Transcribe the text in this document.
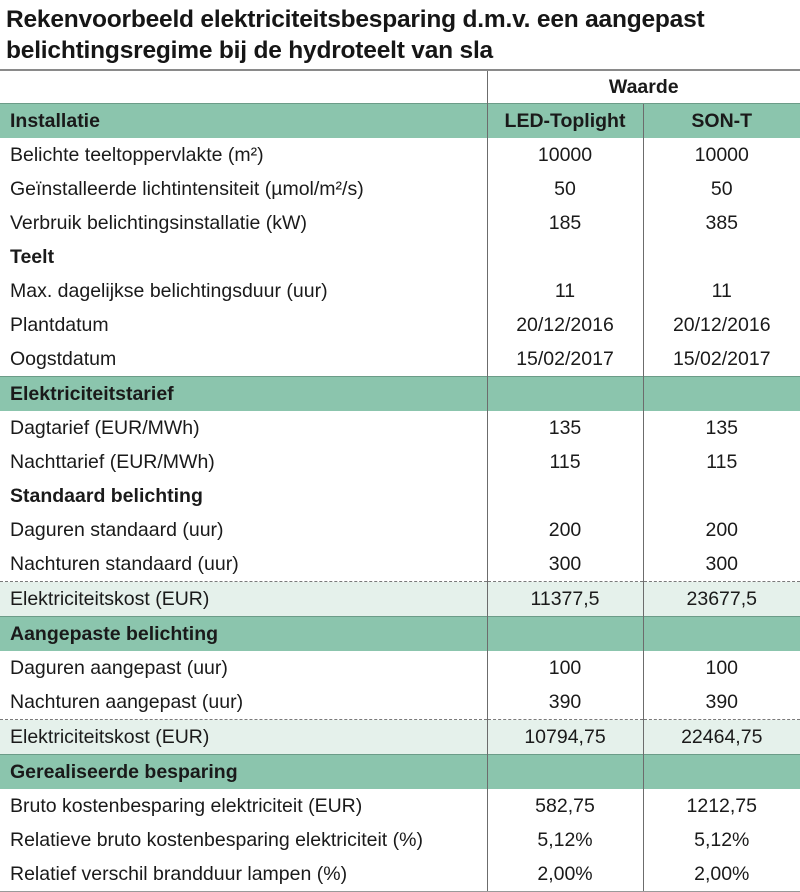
Rekenvoorbeeld elektriciteitsbesparing d.m.v. een aangepast belichtingsregime bij de hydroteelt van sla
	Waarde	
Installatie	LED-Toplight	SON-T
Belichte teeltoppervlakte (m²)	10000	10000
Geïnstalleerde lichtintensiteit (µmol/m²/s)	50	50
Verbruik belichtingsinstallatie (kW)	185	385
Teelt		
Max. dagelijkse belichtingsduur (uur)	11	11
Plantdatum	20/12/2016	20/12/2016
Oogstdatum	15/02/2017	15/02/2017
Elektriciteitstarief		
Dagtarief (EUR/MWh)	135	135
Nachttarief (EUR/MWh)	115	115
Standaard belichting		
Daguren standaard (uur)	200	200
Nachturen standaard (uur)	300	300
Elektriciteitskost (EUR)	11377,5	23677,5
Aangepaste belichting		
Daguren aangepast (uur)	100	100
Nachturen aangepast (uur)	390	390
Elektriciteitskost (EUR)	10794,75	22464,75
Gerealiseerde besparing		
Bruto kostenbesparing elektriciteit (EUR)	582,75	1212,75
Relatieve bruto kostenbesparing elektriciteit (%)	5,12%	5,12%
Relatief verschil brandduur lampen (%)	2,00%	2,00%
